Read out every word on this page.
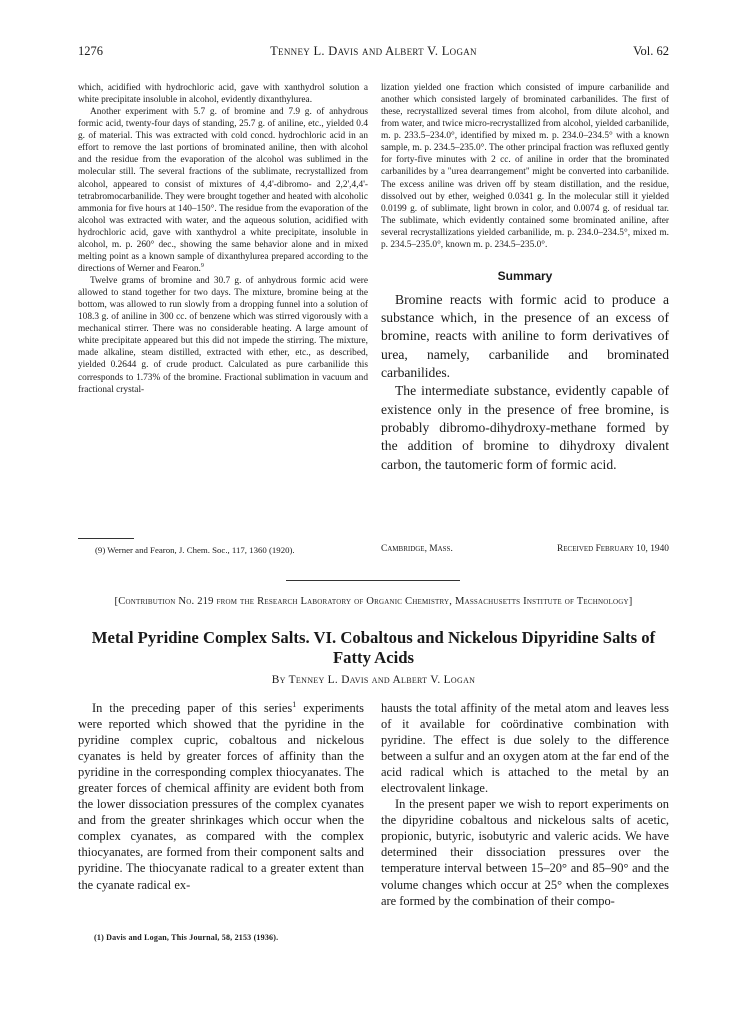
1276	Tenney L. Davis and Albert V. Logan	Vol. 62

which, acidified with hydrochloric acid, gave with xanthydrol solution a white precipitate insoluble in alcohol, evidently dixanthylurea.

Another experiment with 5.7 g. of bromine and 7.9 g. of anhydrous formic acid, twenty-four days of standing, 25.7 g. of aniline, etc., yielded 0.4 g. of material. This was extracted with cold concd. hydrochloric acid in an effort to remove the last portions of brominated aniline, then with alcohol and the residue from the evaporation of the alcohol was sublimed in the molecular still. The several fractions of the sublimate, recrystallized from alcohol, appeared to consist of mixtures of 4,4'-dibromo- and 2,2',4,4'-tetrabromocarbanilide. They were brought together and heated with alcoholic ammonia for five hours at 140–150°. The residue from the evaporation of the alcohol was extracted with water, and the aqueous solution, acidified with hydrochloric acid, gave with xanthydrol a white precipitate, insoluble in alcohol, m. p. 260° dec., showing the same behavior alone and in mixed melting point as a known sample of dixanthylurea prepared according to the directions of Werner and Fearon.$^9$

Twelve grams of bromine and 30.7 g. of anhydrous formic acid were allowed to stand together for two days. The mixture, bromine being at the bottom, was allowed to run slowly from a dropping funnel into a solution of 108.3 g. of aniline in 300 cc. of benzene which was stirred vigorously with a mechanical stirrer. There was no considerable heating. A large amount of white precipitate appeared but this did not impede the stirring. The mixture, made alkaline, steam distilled, extracted with ether, etc., as described, yielded 0.2644 g. of crude product. Calculated as pure carbanilide this corresponds to 1.73% of the bromine. Fractional sublimation in vacuum and fractional crystal-

lization yielded one fraction which consisted of impure carbanilide and another which consisted largely of brominated carbanilides. The first of these, recrystallized several times from alcohol, from dilute alcohol, and from water, and twice micro-recrystallized from alcohol, yielded carbanilide, m. p. 233.5–234.0°, identified by mixed m. p. 234.0–234.5° with a known sample, m. p. 234.5–235.0°. The other principal fraction was refluxed gently for forty-five minutes with 2 cc. of aniline in order that the brominated carbanilides by a "urea dearrangement" might be converted into carbanilide. The excess aniline was driven off by steam distillation, and the residue, dissolved out by ether, weighed 0.0341 g. In the molecular still it yielded 0.0199 g. of sublimate, light brown in color, and 0.0074 g. of residual tar. The sublimate, which evidently contained some brominated aniline, after several recrystallizations yielded carbanilide, m. p. 234.0–234.5°, mixed m. p. 234.5–235.0°, known m. p. 234.5–235.0°.

Summary

Bromine reacts with formic acid to produce a substance which, in the presence of an excess of bromine, reacts with aniline to form derivatives of urea, namely, carbanilide and brominated carbanilides.

The intermediate substance, evidently capable of existence only in the presence of free bromine, is probably dibromo-dihydroxy-methane formed by the addition of bromine to dihydroxy divalent carbon, the tautomeric form of formic acid.

(9) Werner and Fearon, J. Chem. Soc., 117, 1360 (1920).	Cambridge, Mass.	Received February 10, 1940
[Contribution No. 219 from the Research Laboratory of Organic Chemistry, Massachusetts Institute of Technology]
Metal Pyridine Complex Salts. VI. Cobaltous and Nickelous Dipyridine Salts of Fatty Acids
By Tenney L. Davis and Albert V. Logan

In the preceding paper of this series$^1$ experiments were reported which showed that the pyridine in the pyridine complex cupric, cobaltous and nickelous cyanates is held by greater forces of affinity than the pyridine in the corresponding complex thiocyanates. The greater forces of chemical affinity are evident both from the lower dissociation pressures of the complex cyanates and from the greater shrinkages which occur when the complex cyanates, as compared with the complex thiocyanates, are formed from their component salts and pyridine. The thiocyanate radical to a greater extent than the cyanate radical ex-

(1) Davis and Logan, This Journal, 58, 2153 (1936).

hausts the total affinity of the metal atom and leaves less of it available for coördinative combination with pyridine. The effect is due solely to the difference between a sulfur and an oxygen atom at the far end of the acid radical which is attached to the metal by an electrovalent linkage.

In the present paper we wish to report experiments on the dipyridine cobaltous and nickelous salts of acetic, propionic, butyric, isobutyric and valeric acids. We have determined their dissociation pressures over the temperature interval between 15–20° and 85–90° and the volume changes which occur at 25° when the complexes are formed by the combination of their compo-
